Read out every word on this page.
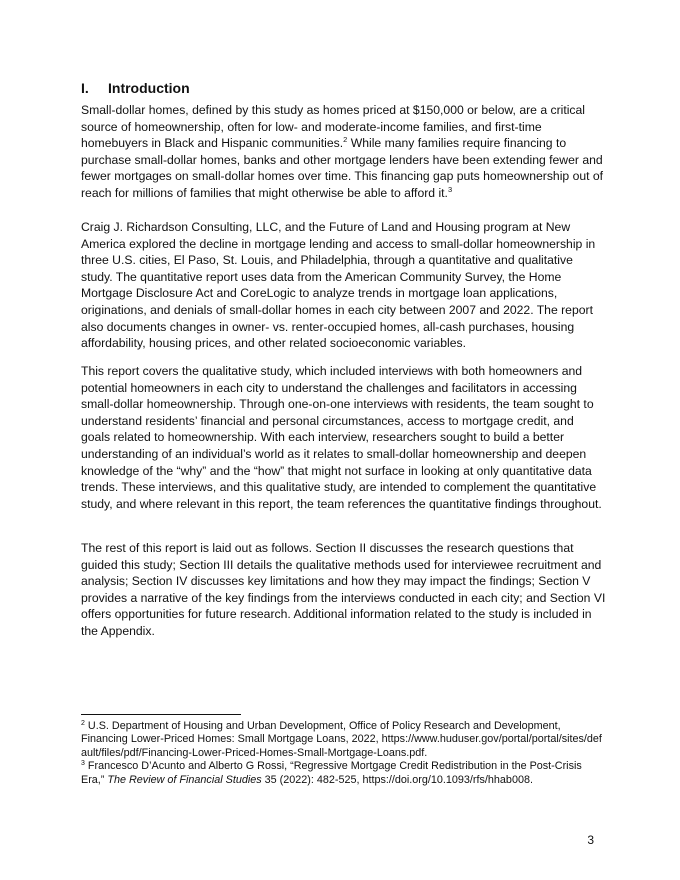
I. Introduction

Small-dollar homes, defined by this study as homes priced at $150,000 or below, are a critical source of homeownership, often for low- and moderate-income families, and first-time homebuyers in Black and Hispanic communities.$^2$ While many families require financing to purchase small-dollar homes, banks and other mortgage lenders have been extending fewer and fewer mortgages on small-dollar homes over time. This financing gap puts homeownership out of reach for millions of families that might otherwise be able to afford it.$^3$

Craig J. Richardson Consulting, LLC, and the Future of Land and Housing program at New America explored the decline in mortgage lending and access to small-dollar homeownership in three U.S. cities, El Paso, St. Louis, and Philadelphia, through a quantitative and qualitative study. The quantitative report uses data from the American Community Survey, the Home Mortgage Disclosure Act and CoreLogic to analyze trends in mortgage loan applications, originations, and denials of small-dollar homes in each city between 2007 and 2022. The report also documents changes in owner- vs. renter-occupied homes, all-cash purchases, housing affordability, housing prices, and other related socioeconomic variables.

This report covers the qualitative study, which included interviews with both homeowners and potential homeowners in each city to understand the challenges and facilitators in accessing small-dollar homeownership. Through one-on-one interviews with residents, the team sought to understand residents’ financial and personal circumstances, access to mortgage credit, and goals related to homeownership. With each interview, researchers sought to build a better understanding of an individual’s world as it relates to small-dollar homeownership and deepen knowledge of the “why” and the “how” that might not surface in looking at only quantitative data trends. These interviews, and this qualitative study, are intended to complement the quantitative study, and where relevant in this report, the team references the quantitative findings throughout.

The rest of this report is laid out as follows. Section II discusses the research questions that guided this study; Section III details the qualitative methods used for interviewee recruitment and analysis; Section IV discusses key limitations and how they may impact the findings; Section V provides a narrative of the key findings from the interviews conducted in each city; and Section VI offers opportunities for future research. Additional information related to the study is included in the Appendix.

$^2$ U.S. Department of Housing and Urban Development, Office of Policy Research and Development, Financing Lower-Priced Homes: Small Mortgage Loans, 2022, https://www.huduser.gov/portal/portal/sites/default/files/pdf/Financing-Lower-Priced-Homes-Small-Mortgage-Loans.pdf.

$^3$ Francesco D’Acunto and Alberto G Rossi, “Regressive Mortgage Credit Redistribution in the Post-Crisis Era,” The Review of Financial Studies 35 (2022): 482-525, https://doi.org/10.1093/rfs/hhab008.

3
